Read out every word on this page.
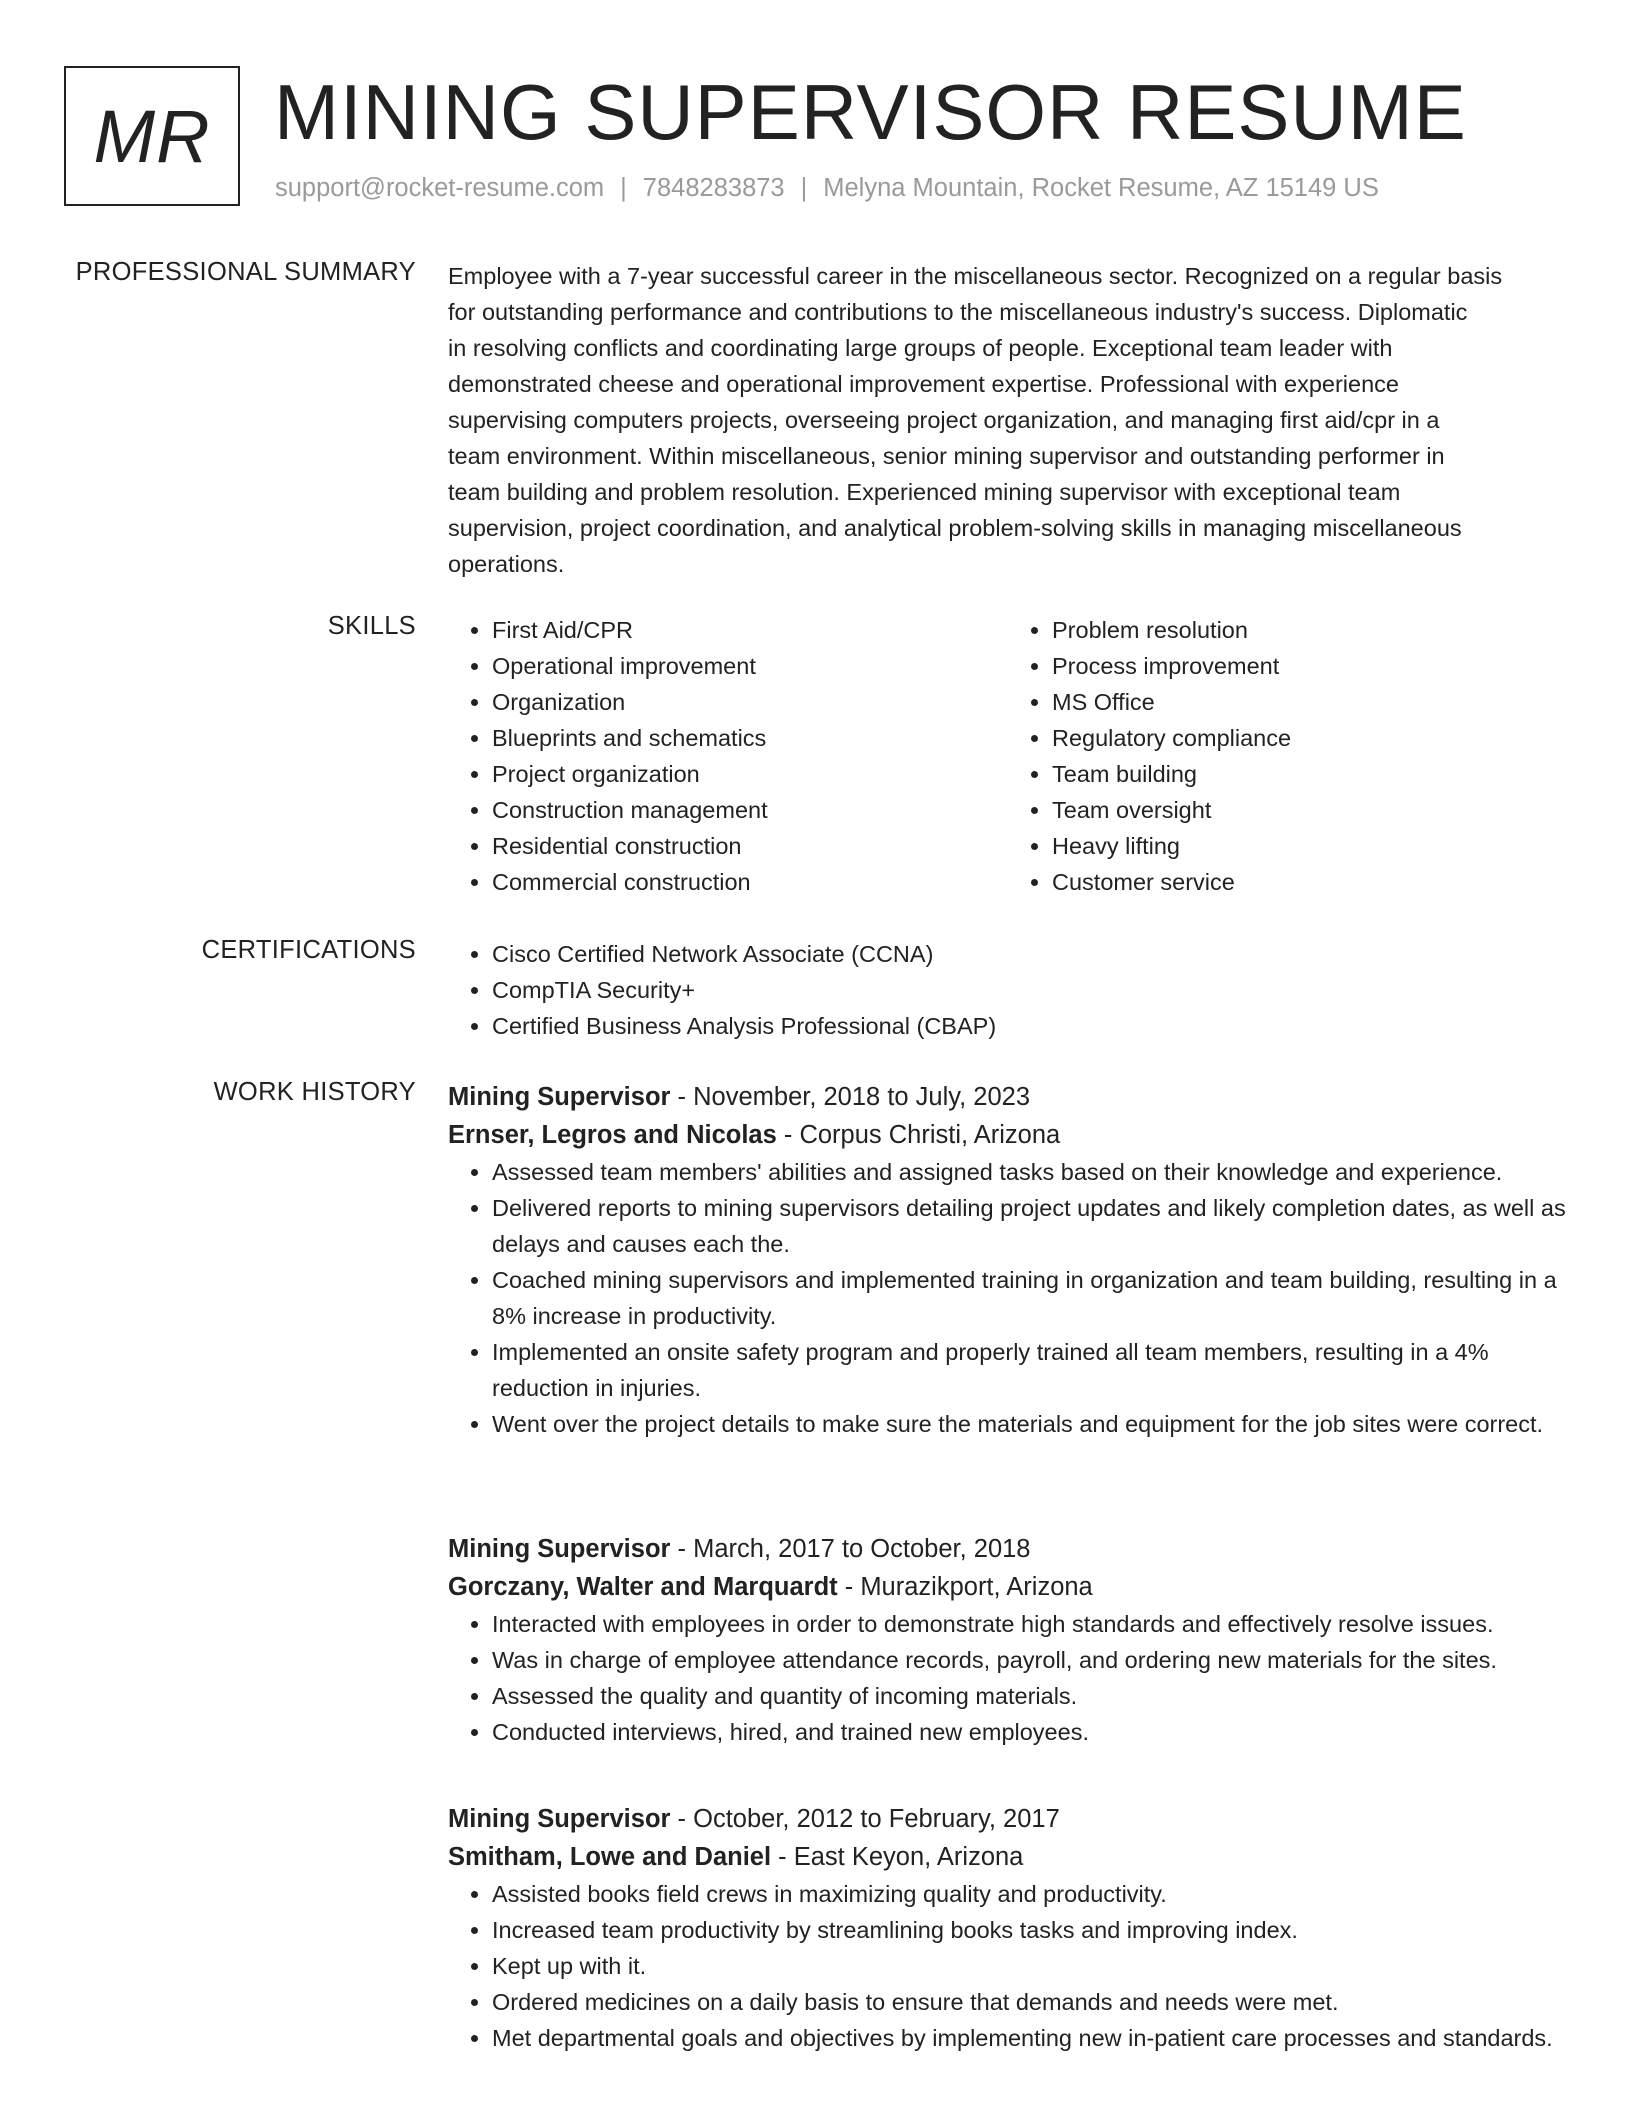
MR MINING SUPERVISOR RESUME
support@rocket-resume.com | 7848283873 | Melyna Mountain, Rocket Resume, AZ 15149 US
PROFESSIONAL SUMMARY Employee with a 7-year successful career in the miscellaneous sector. Recognized on a regular basis
for outstanding performance and contributions to the miscellaneous industry's success. Diplomatic
in resolving conflicts and coordinating large groups of people. Exceptional team leader with
demonstrated cheese and operational improvement expertise. Professional with experience
supervising computers projects, overseeing project organization, and managing first aid/cpr in a
team environment. Within miscellaneous, senior mining supervisor and outstanding performer in
team building and problem resolution. Experienced mining supervisor with exceptional team
supervision, project coordination, and analytical problem-solving skills in managing miscellaneous
operations.
SKILLS	• First Aid/CPR
• Operational improvement
• Organization
• Blueprints and schematics
• Project organization
• Construction management
• Residential construction
• Commercial construction
• Problem resolution
• Process improvement
• MS Office
• Regulatory compliance
• Team building
• Team oversight
• Heavy lifting
• Customer service
CERTIFICATIONS	• Cisco Certified Network Associate (CCNA)
• CompTIA Security+
• Certified Business Analysis Professional (CBAP)
WORK HISTORY Mining Supervisor - November, 2018 to July, 2023

Ernser, Legros and Nicolas - Corpus Christi, Arizona

• Assessed team members' abilities and assigned tasks based on their knowledge and experience.
• Delivered reports to mining supervisors detailing project updates and likely completion dates, as well as delays and causes each the.
• Coached mining supervisors and implemented training in organization and team building, resulting in a 8% increase in productivity.
• Implemented an onsite safety program and properly trained all team members, resulting in a 4% reduction in injuries.
• Went over the project details to make sure the materials and equipment for the job sites were correct.

Mining Supervisor - March, 2017 to October, 2018

Gorczany, Walter and Marquardt - Murazikport, Arizona

• Interacted with employees in order to demonstrate high standards and effectively resolve issues.
• Was in charge of employee attendance records, payroll, and ordering new materials for the sites.
• Assessed the quality and quantity of incoming materials.
• Conducted interviews, hired, and trained new employees.

Mining Supervisor - October, 2012 to February, 2017

Smitham, Lowe and Daniel - East Keyon, Arizona

• Assisted books field crews in maximizing quality and productivity.
• Increased team productivity by streamlining books tasks and improving index.
• Kept up with it.
• Ordered medicines on a daily basis to ensure that demands and needs were met.
• Met departmental goals and objectives by implementing new in-patient care processes and standards.
